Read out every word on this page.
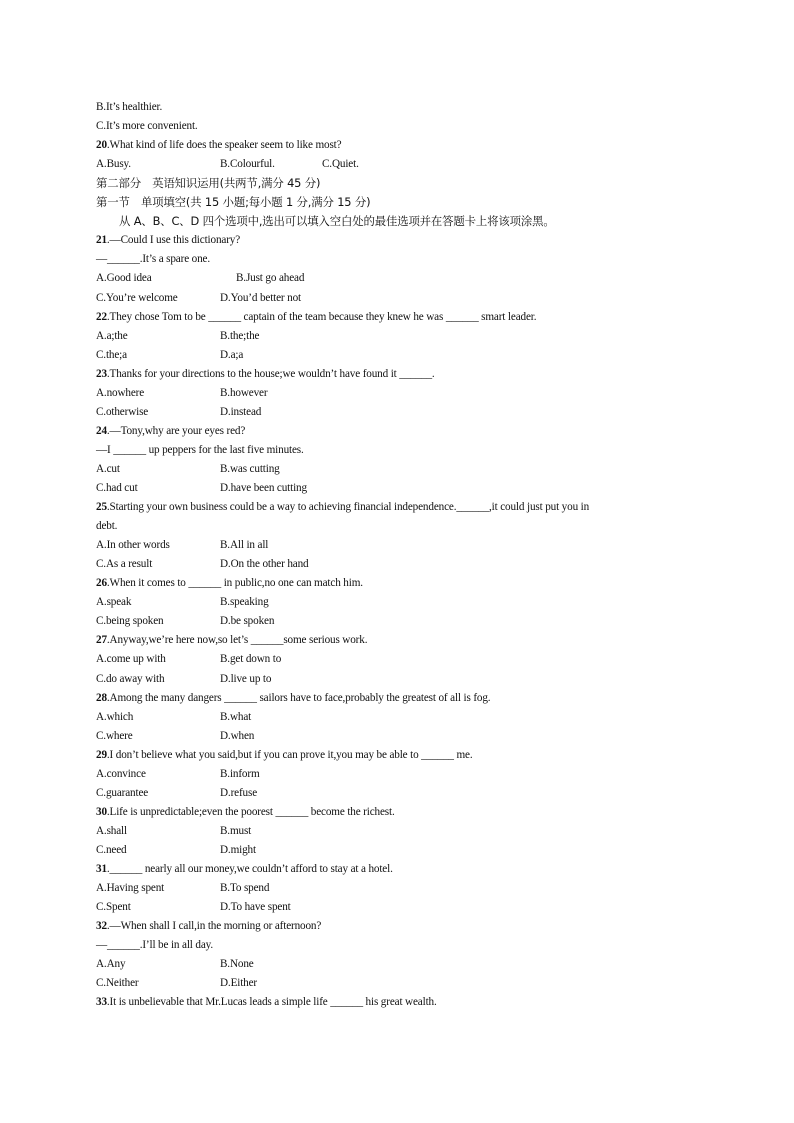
B.It’s healthier.
C.It’s more convenient.
20.What kind of life does the speaker seem to like most?
A.Busy.	B.Colourful.	C.Quiet.
第二部分　英语知识运用(共两节,满分 45 分)
第一节　单项填空(共 15 小题;每小题 1 分,满分 15 分)
从 A、B、C、D 四个选项中,选出可以填入空白处的最佳选项并在答题卡上将该项涂黑。
21.—Could I use this dictionary?
—______.It’s a spare one.
A.Good idea	B.Just go ahead
C.You’re welcome	D.You’d better not
22.They chose Tom to be ______ captain of the team because they knew he was ______ smart leader.
A.a;the	B.the;the
C.the;a	D.a;a
23.Thanks for your directions to the house;we wouldn’t have found it ______.
A.nowhere	B.however
C.otherwise	D.instead
24.—Tony,why are your eyes red?
—I ______ up peppers for the last five minutes.
A.cut	B.was cutting
C.had cut	D.have been cutting
25.Starting your own business could be a way to achieving financial independence.______,it could just put you in
debt.
A.In other words	B.All in all
C.As a result	D.On the other hand
26.When it comes to ______ in public,no one can match him.
A.speak	B.speaking
C.being spoken	D.be spoken
27.Anyway,we’re here now,so let’s ______some serious work.
A.come up with	B.get down to
C.do away with	D.live up to
28.Among the many dangers ______ sailors have to face,probably the greatest of all is fog.
A.which	B.what
C.where	D.when
29.I don’t believe what you said,but if you can prove it,you may be able to ______ me.
A.convince	B.inform
C.guarantee	D.refuse
30.Life is unpredictable;even the poorest ______ become the richest.
A.shall	B.must
C.need	D.might
31.______ nearly all our money,we couldn’t afford to stay at a hotel.
A.Having spent	B.To spend
C.Spent	D.To have spent
32.—When shall I call,in the morning or afternoon?
—______.I’ll be in all day.
A.Any	B.None
C.Neither	D.Either
33.It is unbelievable that Mr.Lucas leads a simple life ______ his great wealth.
